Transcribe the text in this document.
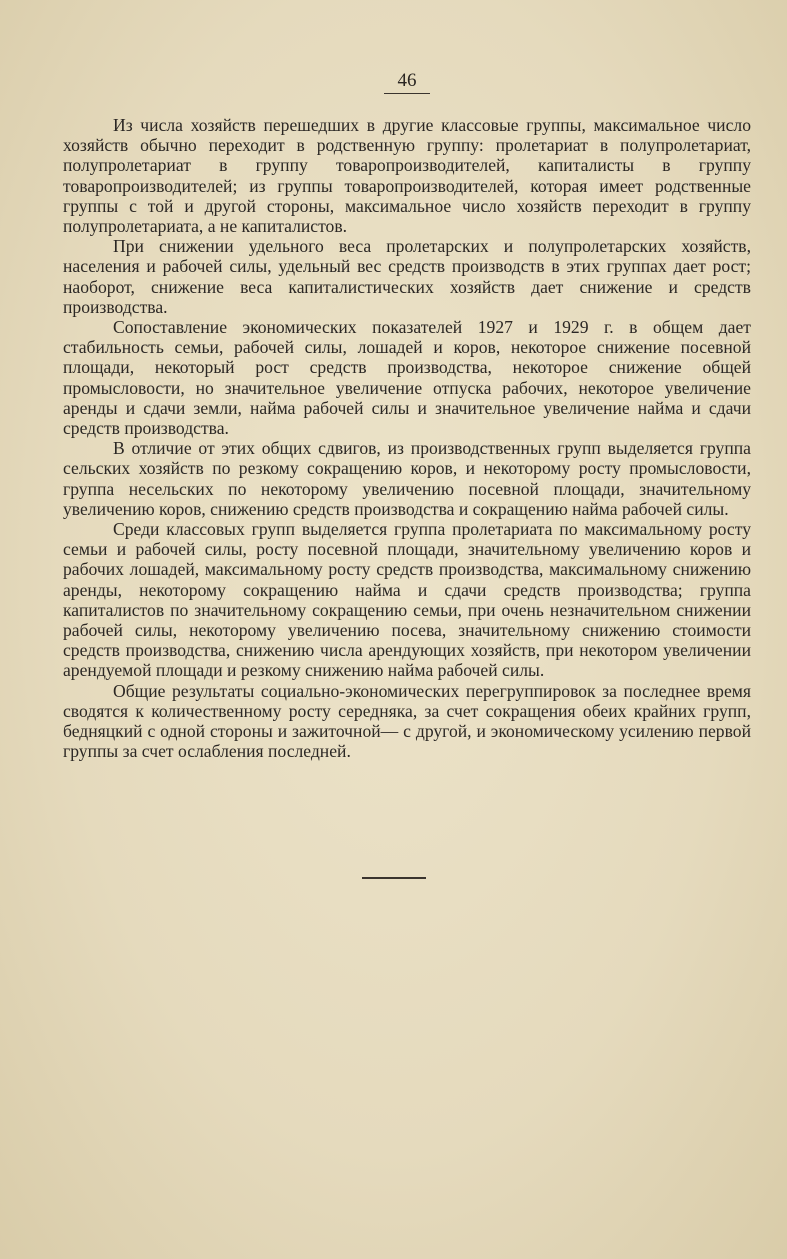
46

Из числа хозяйств перешедших в другие классовые группы, максимальное число хозяйств обычно переходит в родственную группу: пролетариат в полупролетариат, полупролетариат в группу товаропроизводителей, капиталисты в группу товаропроизводителей; из группы товаропроизводителей, которая имеет родственные группы с той и другой стороны, максимальное число хозяйств переходит в группу полупролетариата, а не капиталистов.

При снижении удельного веса пролетарских и полупролетарских хозяйств, населения и рабочей силы, удельный вес средств производств в этих группах дает рост; наоборот, снижение веса капиталистических хозяйств дает снижение и средств производства.

Сопоставление экономических показателей 1927 и 1929 г. в общем дает стабильность семьи, рабочей силы, лошадей и коров, некоторое снижение посевной площади, некоторый рост средств производства, некоторое снижение общей промысловости, но значительное увеличение отпуска рабочих, некоторое увеличение аренды и сдачи земли, найма рабочей силы и значительное увеличение найма и сдачи средств производства.

В отличие от этих общих сдвигов, из производственных групп выделяется группа сельских хозяйств по резкому сокращению коров, и некоторому росту промысловости, группа несельских по некоторому увеличению посевной площади, значительному увеличению коров, снижению средств производства и сокращению найма рабочей силы.

Среди классовых групп выделяется группа пролетариата по максимальному росту семьи и рабочей силы, росту посевной площади, значительному увеличению коров и рабочих лошадей, максимальному росту средств производства, максимальному снижению аренды, некоторому сокращению найма и сдачи средств производства; группа капиталистов по значительному сокращению семьи, при очень незначительном снижении рабочей силы, некоторому увеличению посева, значительному снижению стоимости средств производства, снижению числа арендующих хозяйств, при некотором увеличении арендуемой площади и резкому снижению найма рабочей силы.

Общие результаты социально-экономических перегруппировок за последнее время сводятся к количественному росту середняка, за счет сокращения обеих крайних групп, бедняцкий с одной стороны и зажиточной— с другой, и экономическому усилению первой группы за счет ослабления последней.
